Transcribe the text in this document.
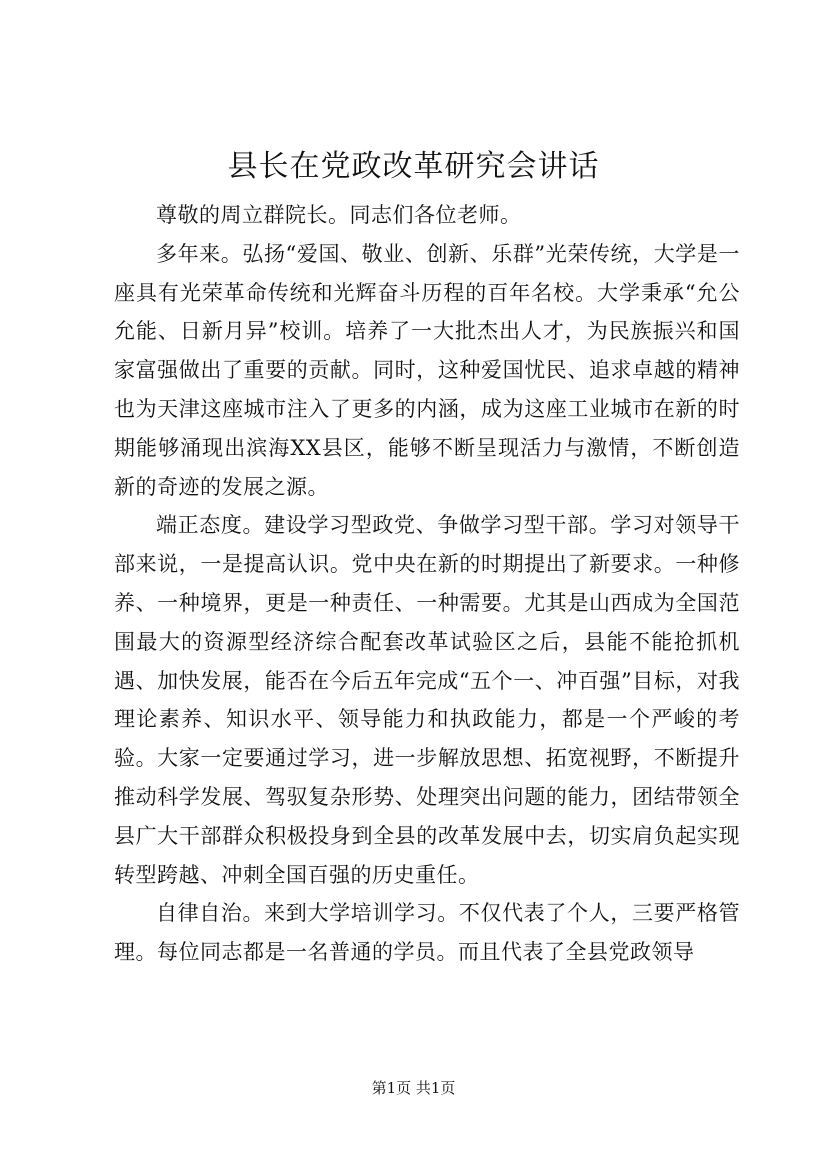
县长在党政改革研究会讲话

尊敬的周立群院长。同志们各位老师。

多年来。弘扬“爱国、敬业、创新、乐群”光荣传统，大学是一座具有光荣革命传统和光辉奋斗历程的百年名校。大学秉承“允公允能、日新月异”校训。培养了一大批杰出人才，为民族振兴和国家富强做出了重要的贡献。同时，这种爱国忧民、追求卓越的精神也为天津这座城市注入了更多的内涵，成为这座工业城市在新的时期能够涌现出滨海XX县区，能够不断呈现活力与激情，不断创造新的奇迹的发展之源。

端正态度。建设学习型政党、争做学习型干部。学习对领导干部来说，一是提高认识。党中央在新的时期提出了新要求。一种修养、一种境界，更是一种责任、一种需要。尤其是山西成为全国范围最大的资源型经济综合配套改革试验区之后，县能不能抢抓机遇、加快发展，能否在今后五年完成“五个一、冲百强”目标，对我理论素养、知识水平、领导能力和执政能力，都是一个严峻的考验。大家一定要通过学习，进一步解放思想、拓宽视野，不断提升推动科学发展、驾驭复杂形势、处理突出问题的能力，团结带领全县广大干部群众积极投身到全县的改革发展中去，切实肩负起实现转型跨越、冲刺全国百强的历史重任。

自律自治。来到大学培训学习。不仅代表了个人，三要严格管理。每位同志都是一名普通的学员。而且代表了全县党政领导

第1页 共1页
